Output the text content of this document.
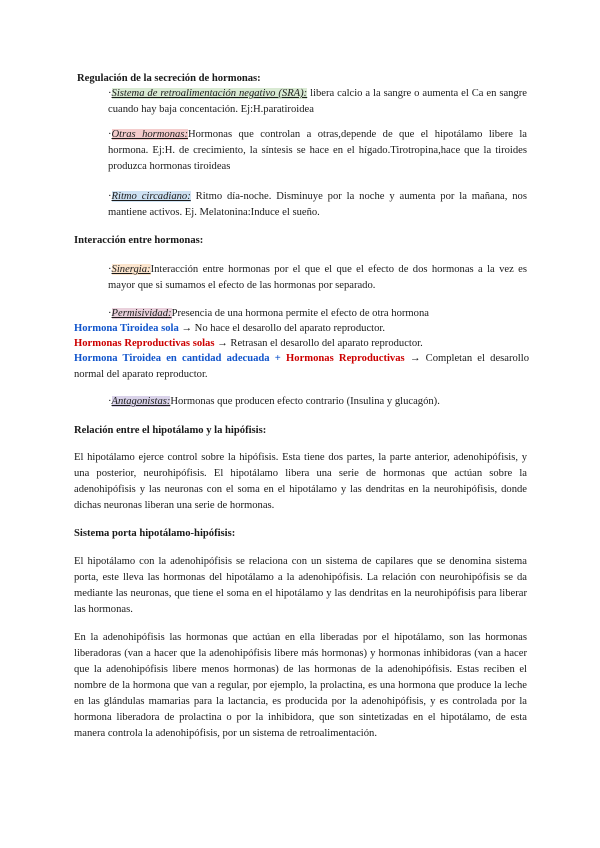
Regulación de la secreción de hormonas:
·Sistema de retroalimentación negativo (SRA): libera calcio a la sangre o aumenta el Ca en sangre cuando hay baja concentación. Ej:H.paratiroidea
·Otras hormonas:Hormonas que controlan a otras,depende de que el hipotálamo libere la hormona. Ej:H. de crecimiento, la síntesis se hace en el hígado.Tirotropina,hace que la tiroides produzca hormonas tiroideas
·Ritmo circadiano: Ritmo día-noche. Disminuye por la noche y aumenta por la mañana, nos mantiene activos. Ej. Melatonina:Induce el sueño.
Interacción entre hormonas:
·Sinergia:Interacción entre hormonas por el que el que el efecto de dos hormonas a la vez es mayor que si sumamos el efecto de las hormonas por separado.
·Permisividad:Presencia de una hormona permite el efecto de otra hormona
Hormona Tiroidea sola → No hace el desarollo del aparato reproductor.
Hormonas Reproductivas solas → Retrasan el desarollo del aparato reproductor.
Hormona Tiroidea en cantidad adecuada + Hormonas Reproductivas → Completan el desarollo normal del aparato reproductor.
·Antagonistas:Hormonas que producen efecto contrario (Insulina y glucagón).
Relación entre el hipotálamo y la hipófisis:

El hipotálamo ejerce control sobre la hipófisis. Esta tiene dos partes, la parte anterior, adenohipófisis, y una posterior, neurohipófisis. El hipotálamo libera una serie de hormonas que actúan sobre la adenohipófisis y las neuronas con el soma en el hipotálamo y las dendritas en la neurohipófisis, donde dichas neuronas liberan una serie de hormonas.

Sistema porta hipotálamo-hipófisis:

El hipotálamo con la adenohipófisis se relaciona con un sistema de capilares que se denomina sistema porta, este lleva las hormonas del hipotálamo a la adenohipófisis. La relación con neurohipófisis se da mediante las neuronas, que tiene el soma en el hipotálamo y las dendritas en la neurohipófisis para liberar las hormonas.

En la adenohipófisis las hormonas que actúan en ella liberadas por el hipotálamo, son las hormonas liberadoras (van a hacer que la adenohipófisis libere más hormonas) y hormonas inhibidoras (van a hacer que la adenohipófisis libere menos hormonas) de las hormonas de la adenohipófisis. Estas reciben el nombre de la hormona que van a regular, por ejemplo, la prolactina, es una hormona que produce la leche en las glándulas mamarias para la lactancia, es producida por la adenohipófisis, y es controlada por la hormona liberadora de prolactina o por la inhibidora, que son sintetizadas en el hipotálamo, de esta manera controla la adenohipófisis, por un sistema de retroalimentación.
